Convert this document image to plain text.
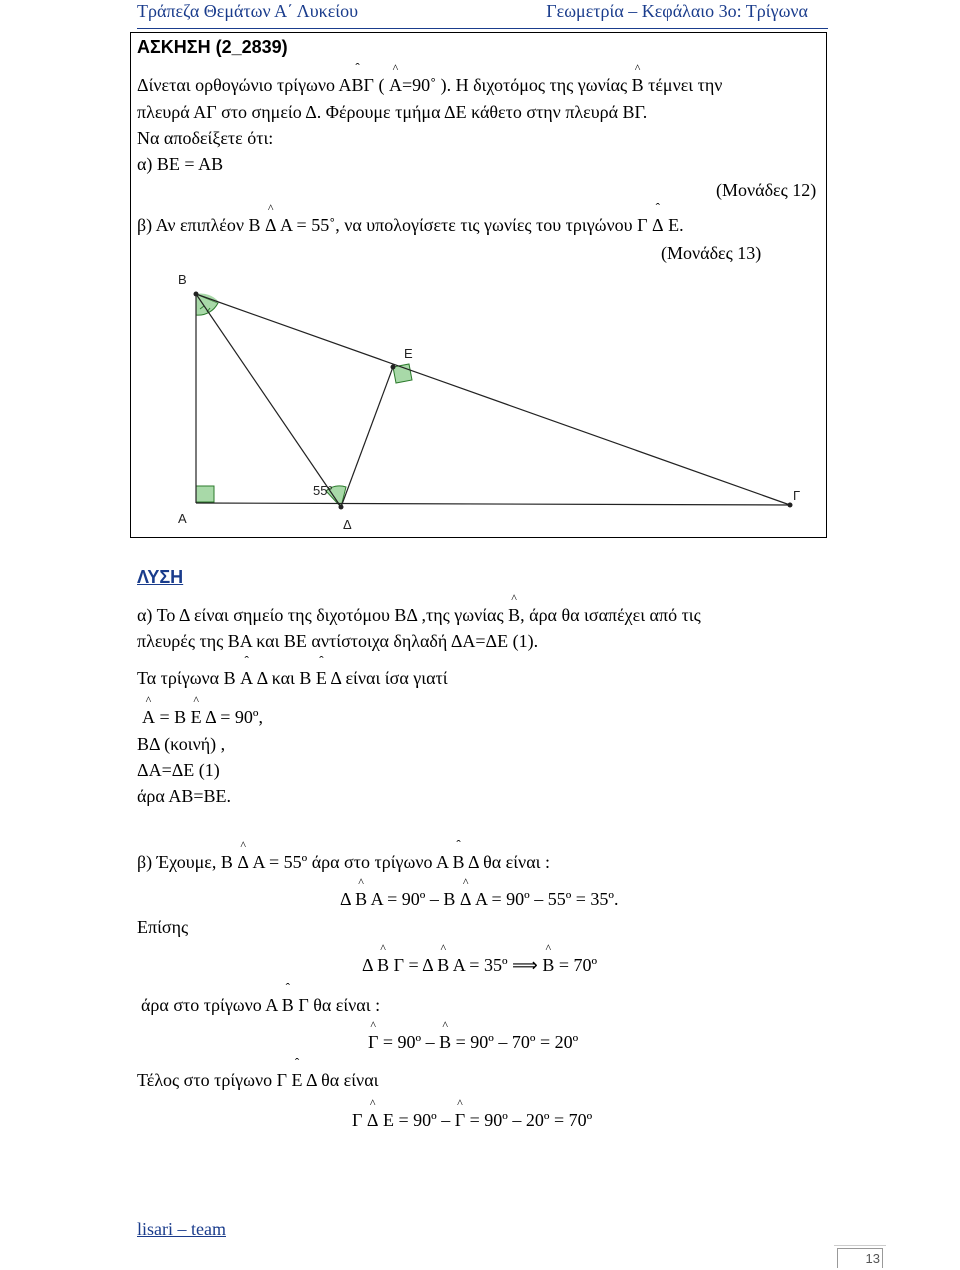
Τράπεζα Θεμάτων Α΄ Λυκείου	Γεωμετρία – Κεφάλαιο 3ο: Τρίγωνα
ΑΣΚΗΣΗ (2_2839)
Δίνεται ορθογώνιο τρίγωνο Αˆ ΒΓ ( ^ Α=90˚ ). Η διχοτόμος της γωνίας ^ Β τέμνει την
πλευρά ΑΓ στο σημείο Δ. Φέρουμε τμήμα ΔΕ κάθετο στην πλευρά ΒΓ.
Να αποδείξετε ότι:
α) ΒΕ = ΑΒ
(Μονάδες 12)
β) Αν επιπλέον Β ^ Δ Α = 55˚, να υπολογίσετε τις γωνίες του τριγώνου Γ ˆ Δ Ε.
(Μονάδες 13)
Β
Ε
Α	Δ
Γ
55°
ΛΥΣΗ
α) Το Δ είναι σημείο της διχοτόμου ΒΔ ,της γωνίας ^ Β, άρα θα ισαπέχει από τις
πλευρές της ΒΑ και ΒΕ αντίστοιχα δηλαδή ΔΑ=ΔΕ (1).
Τα τρίγωνα Β ˆ Α Δ και Β ˆ Ε Δ είναι ίσα γιατί
^ Α = Β ^ Ε Δ = 90º,
ΒΔ (κοινή) ,
ΔΑ=ΔΕ (1)
άρα ΑΒ=ΒΕ.
β) Έχουμε, Β ^ Δ Α = 55º άρα στο τρίγωνο Α ˆ Β Δ θα είναι :
Δ ^ Β Α = 90º – Β ^ Δ Α = 90º – 55º = 35º.
Επίσης
Δ ^ Β Γ = Δ ^ Β Α = 35º ⟹ ^ Β = 70º
άρα στο τρίγωνο Α ˆ Β Γ θα είναι :
^ Γ = 90º – ^ Β = 90º – 70º = 20º
Τέλος στο τρίγωνο Γ ˆ Ε Δ θα είναι
Γ ^ Δ Ε = 90º – ^ Γ = 90º – 20º = 70º
lisari – team
13
